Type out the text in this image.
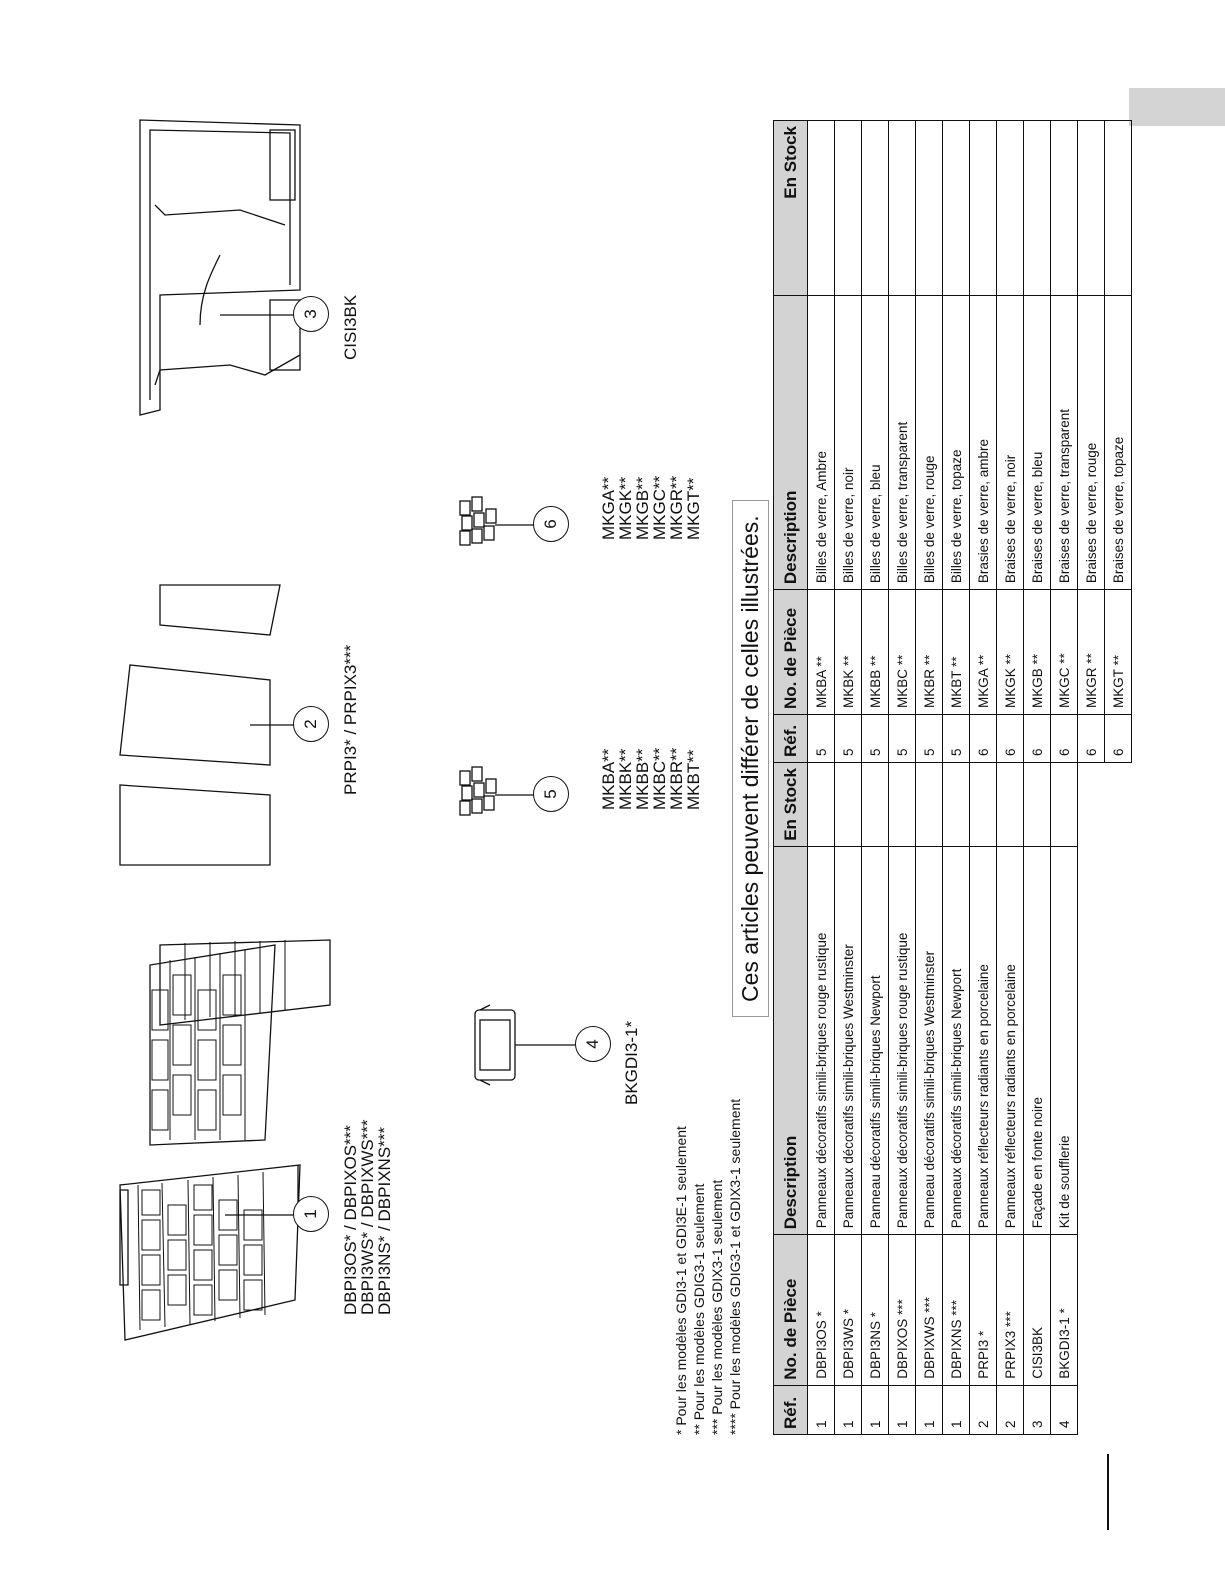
1	DBPI3OS* / DBPIXOS***
DBPI3WS* / DBPIXWS***
DBPI3NS* / DBPIXNS***
4	BKGDI3-1*
2	PRPI3* / PRPIX3***	5	MKBA**
MKBK**
MKBB**
MKBC**
MKBR**
MKBT**
6	MKGA**
MKGK**
MKGB**
MKGC**
MKGR**
MKGT**
3	CISI3BK
* Pour les modèles GDI3-1 et GDI3E-1 seulement ** Pour les modèles GDIG3-1 seulement *** Pour les modèles GDIX3-1 seulement **** Pour les modèles GDIG3-1 et GDIX3-1 seulement
Ces articles peuvent différer de celles illustrées.
Réf.	No. de Pièce	Description	En Stock
1	DBPI3OS *	Panneaux décoratifs simili-briques rouge rustique	
1	DBPI3WS *	Panneaux décoratifs simili-briques Westminster	
1	DBPI3NS *	Panneau décoratifs simili-briques Newport	
1	DBPIXOS ***	Panneaux décoratifs simili-briques rouge rustique	
1	DBPIXWS ***	Panneau décoratifs simili-briques Westminster	
1	DBPIXNS ***	Panneaux décoratifs simili-briques Newport	
2	PRPI3 *	Panneaux réflecteurs radiants en porcelaine	
2	PRPIX3 ***	Panneaux réflecteurs radiants en porcelaine	
3	CISI3BK	Façade en fonte noire	
4	BKGDI3-1 *	Kit de soufflerie	
Réf.	No. de Pièce	Description	En Stock
5	MKBA **	Billes de verre, Ambre	
5	MKBK **	Billes de verre, noir	
5	MKBB **	Billes de verre, bleu	
5	MKBC **	Billes de verre, transparent	
5	MKBR **	Billes de verre, rouge	
5	MKBT **	Billes de verre, topaze	
6	MKGA **	Brasies de verre, ambre	
6	MKGK **	Braises de verre, noir	
6	MKGB **	Braises de verre, bleu	
6	MKGC **	Braises de verre, transparent	
6	MKGR **	Braises de verre, rouge	
6	MKGT **	Braises de verre, topaze	
